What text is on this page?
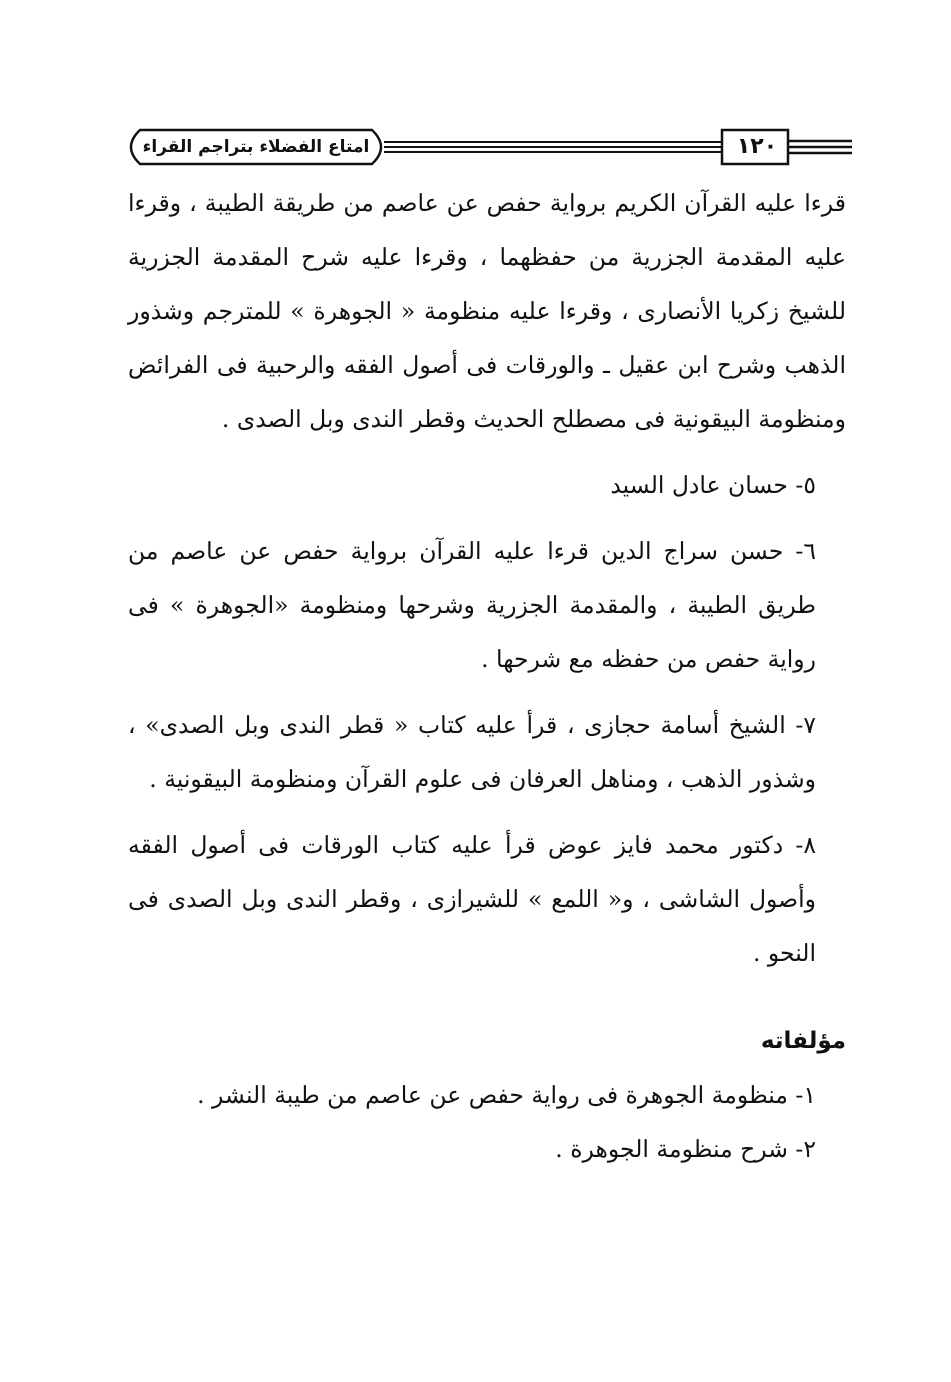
امتاع الفضلاء بتراجم القراء	١٢٠

قرءا عليه القرآن الكريم برواية حفص عن عاصم من طريقة الطيبة ، وقرءا عليه المقدمة الجزرية من حفظهما ، وقرءا عليه شرح المقدمة الجزرية للشيخ زكريا الأنصارى ، وقرءا عليه منظومة « الجوهرة » للمترجم وشذور الذهب وشرح ابن عقيل ـ والورقات فى أصول الفقه والرحبية فى الفرائض ومنظومة البيقونية فى مصطلح الحديث وقطر الندى وبل الصدى .

٥- حسان عادل السيد

٦- حسن سراج الدين قرءا عليه القرآن برواية حفص عن عاصم من طريق الطيبة ، والمقدمة الجزرية وشرحها ومنظومة «الجوهرة » فى رواية حفص من حفظه مع شرحها .

٧- الشيخ أسامة حجازى ، قرأ عليه كتاب « قطر الندى وبل الصدى» ، وشذور الذهب ، ومناهل العرفان فى علوم القرآن ومنظومة البيقونية .

٨- دكتور محمد فايز عوض قرأ عليه كتاب الورقات فى أصول الفقه وأصول الشاشى ، و« اللمع » للشيرازى ، وقطر الندى وبل الصدى فى النحو .

مؤلفاته

١- منظومة الجوهرة فى رواية حفص عن عاصم من طيبة النشر .

٢- شرح منظومة الجوهرة .
